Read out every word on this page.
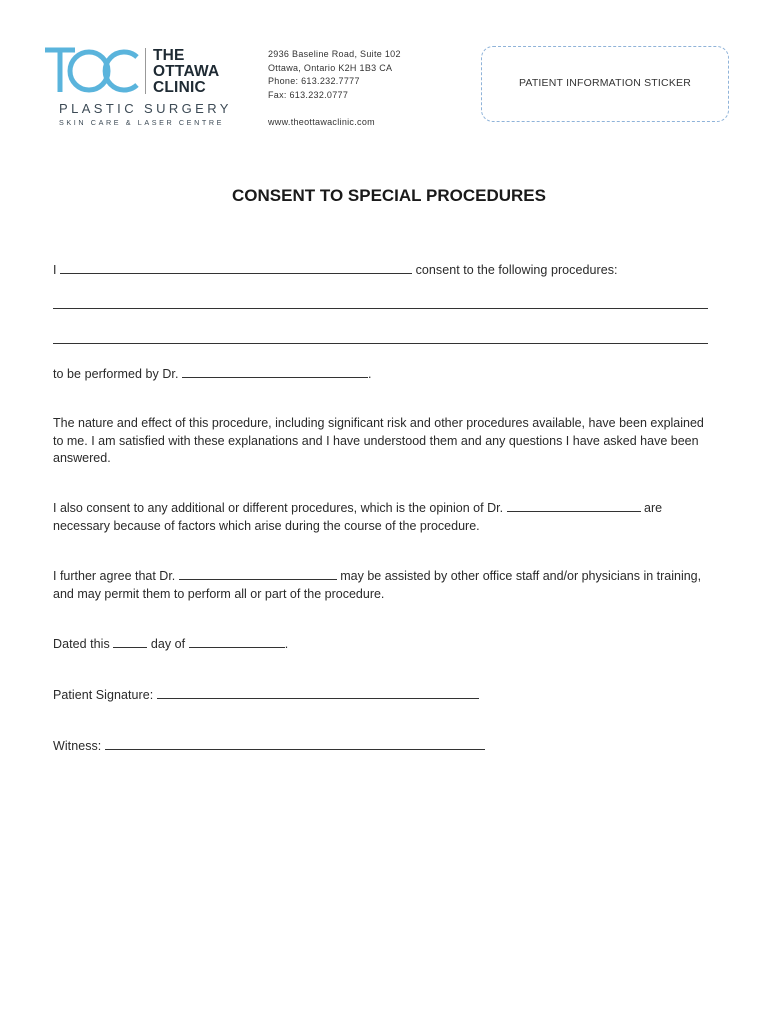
THE
OTTAWA
CLINIC
PLASTIC SURGERY
SKIN CARE & LASER CENTRE
2936 Baseline Road, Suite 102
Ottawa, Ontario K2H 1B3 CA
Phone: 613.232.7777
Fax: 613.232.0777
www.theottawaclinic.com
PATIENT INFORMATION STICKER
CONSENT TO SPECIAL PROCEDURES
I	consent to the following procedures:
to be performed by Dr.	.
The nature and effect of this procedure, including significant risk and other procedures available, have been explained
to me. I am satisfied with these explanations and I have understood them and any questions I have asked have been
answered.
I also consent to any additional or different procedures, which is the opinion of Dr.	are
necessary because of factors which arise during the course of the procedure.
I further agree that Dr.	may be assisted by other office staff and/or physicians in training,
and may permit them to perform all or part of the procedure.
Dated this	day of	.
Patient Signature:
Witness:
